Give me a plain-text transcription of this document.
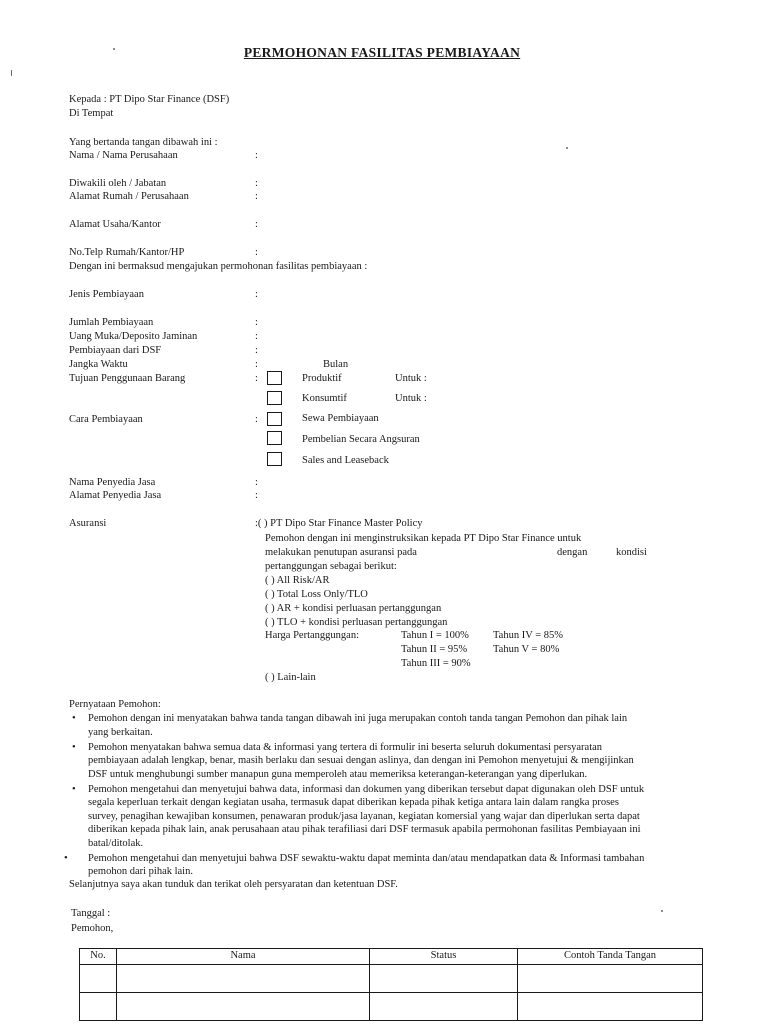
PERMOHONAN FASILITAS PEMBIAYAAN
Kepada : PT Dipo Star Finance (DSF)
Di Tempat
Yang bertanda tangan dibawah ini :
Nama / Nama Perusahaan	:
Diwakili oleh / Jabatan	:
Alamat Rumah / Perusahaan	:
Alamat Usaha/Kantor	:
No.Telp Rumah/Kantor/HP	:
Dengan ini bermaksud mengajukan permohonan fasilitas pembiayaan :
Jenis Pembiayaan	:
Jumlah Pembiayaan	:
Uang Muka/Deposito Jaminan	:
Pembiayaan dari DSF	:
Jangka Waktu	:	Bulan
Tujuan Penggunaan Barang	:	Produktif	Untuk :
Konsumtif	Untuk :
Cara Pembiayaan	:	Sewa Pembiayaan
Pembelian Secara Angsuran
Sales and Leaseback
Nama Penyedia Jasa	:
Alamat Penyedia Jasa	:
Asuransi	:( ) PT Dipo Star Finance Master Policy
Pemohon dengan ini menginstruksikan kepada PT Dipo Star Finance untuk
melakukan penutupan asuransi pada	dengan	kondisi
pertanggungan sebagai berikut:
( ) All Risk/AR
( ) Total Loss Only/TLO
( ) AR + kondisi perluasan pertanggungan
( ) TLO + kondisi perluasan pertanggungan
Harga Pertanggungan:	Tahun I = 100%
Tahun II = 95%
Tahun III = 90%
Tahun IV = 85%
Tahun V = 80%
( ) Lain-lain
Pernyataan Pemohon:
• Pemohon dengan ini menyatakan bahwa tanda tangan dibawah ini juga merupakan contoh tanda tangan Pemohon dan pihak lain
yang berkaitan.
• Pemohon menyatakan bahwa semua data & informasi yang tertera di formulir ini beserta seluruh dokumentasi persyaratan
pembiayaan adalah lengkap, benar, masih berlaku dan sesuai dengan aslinya, dan dengan ini Pemohon menyetujui & mengijinkan
DSF untuk menghubungi sumber manapun guna memperoleh atau memeriksa keterangan-keterangan yang diperlukan.
• Pemohon mengetahui dan menyetujui bahwa data, informasi dan dokumen yang diberikan tersebut dapat digunakan oleh DSF untuk
segala keperluan terkait dengan kegiatan usaha, termasuk dapat diberikan kepada pihak ketiga antara lain dalam rangka proses
survey, penagihan kewajiban konsumen, penawaran produk/jasa layanan, kegiatan komersial yang wajar dan diperlukan serta dapat
diberikan kepada pihak lain, anak perusahaan atau pihak terafiliasi dari DSF termasuk apabila permohonan fasilitas Pembiayaan ini
batal/ditolak.
• Pemohon mengetahui dan menyetujui bahwa DSF sewaktu-waktu dapat meminta dan/atau mendapatkan data & Informasi tambahan
pemohon dari pihak lain.
Selanjutnya saya akan tunduk dan terikat oleh persyaratan dan ketentuan DSF.
Tanggal :
Pemohon,
No.	Nama	Status	Contoh Tanda Tangan
